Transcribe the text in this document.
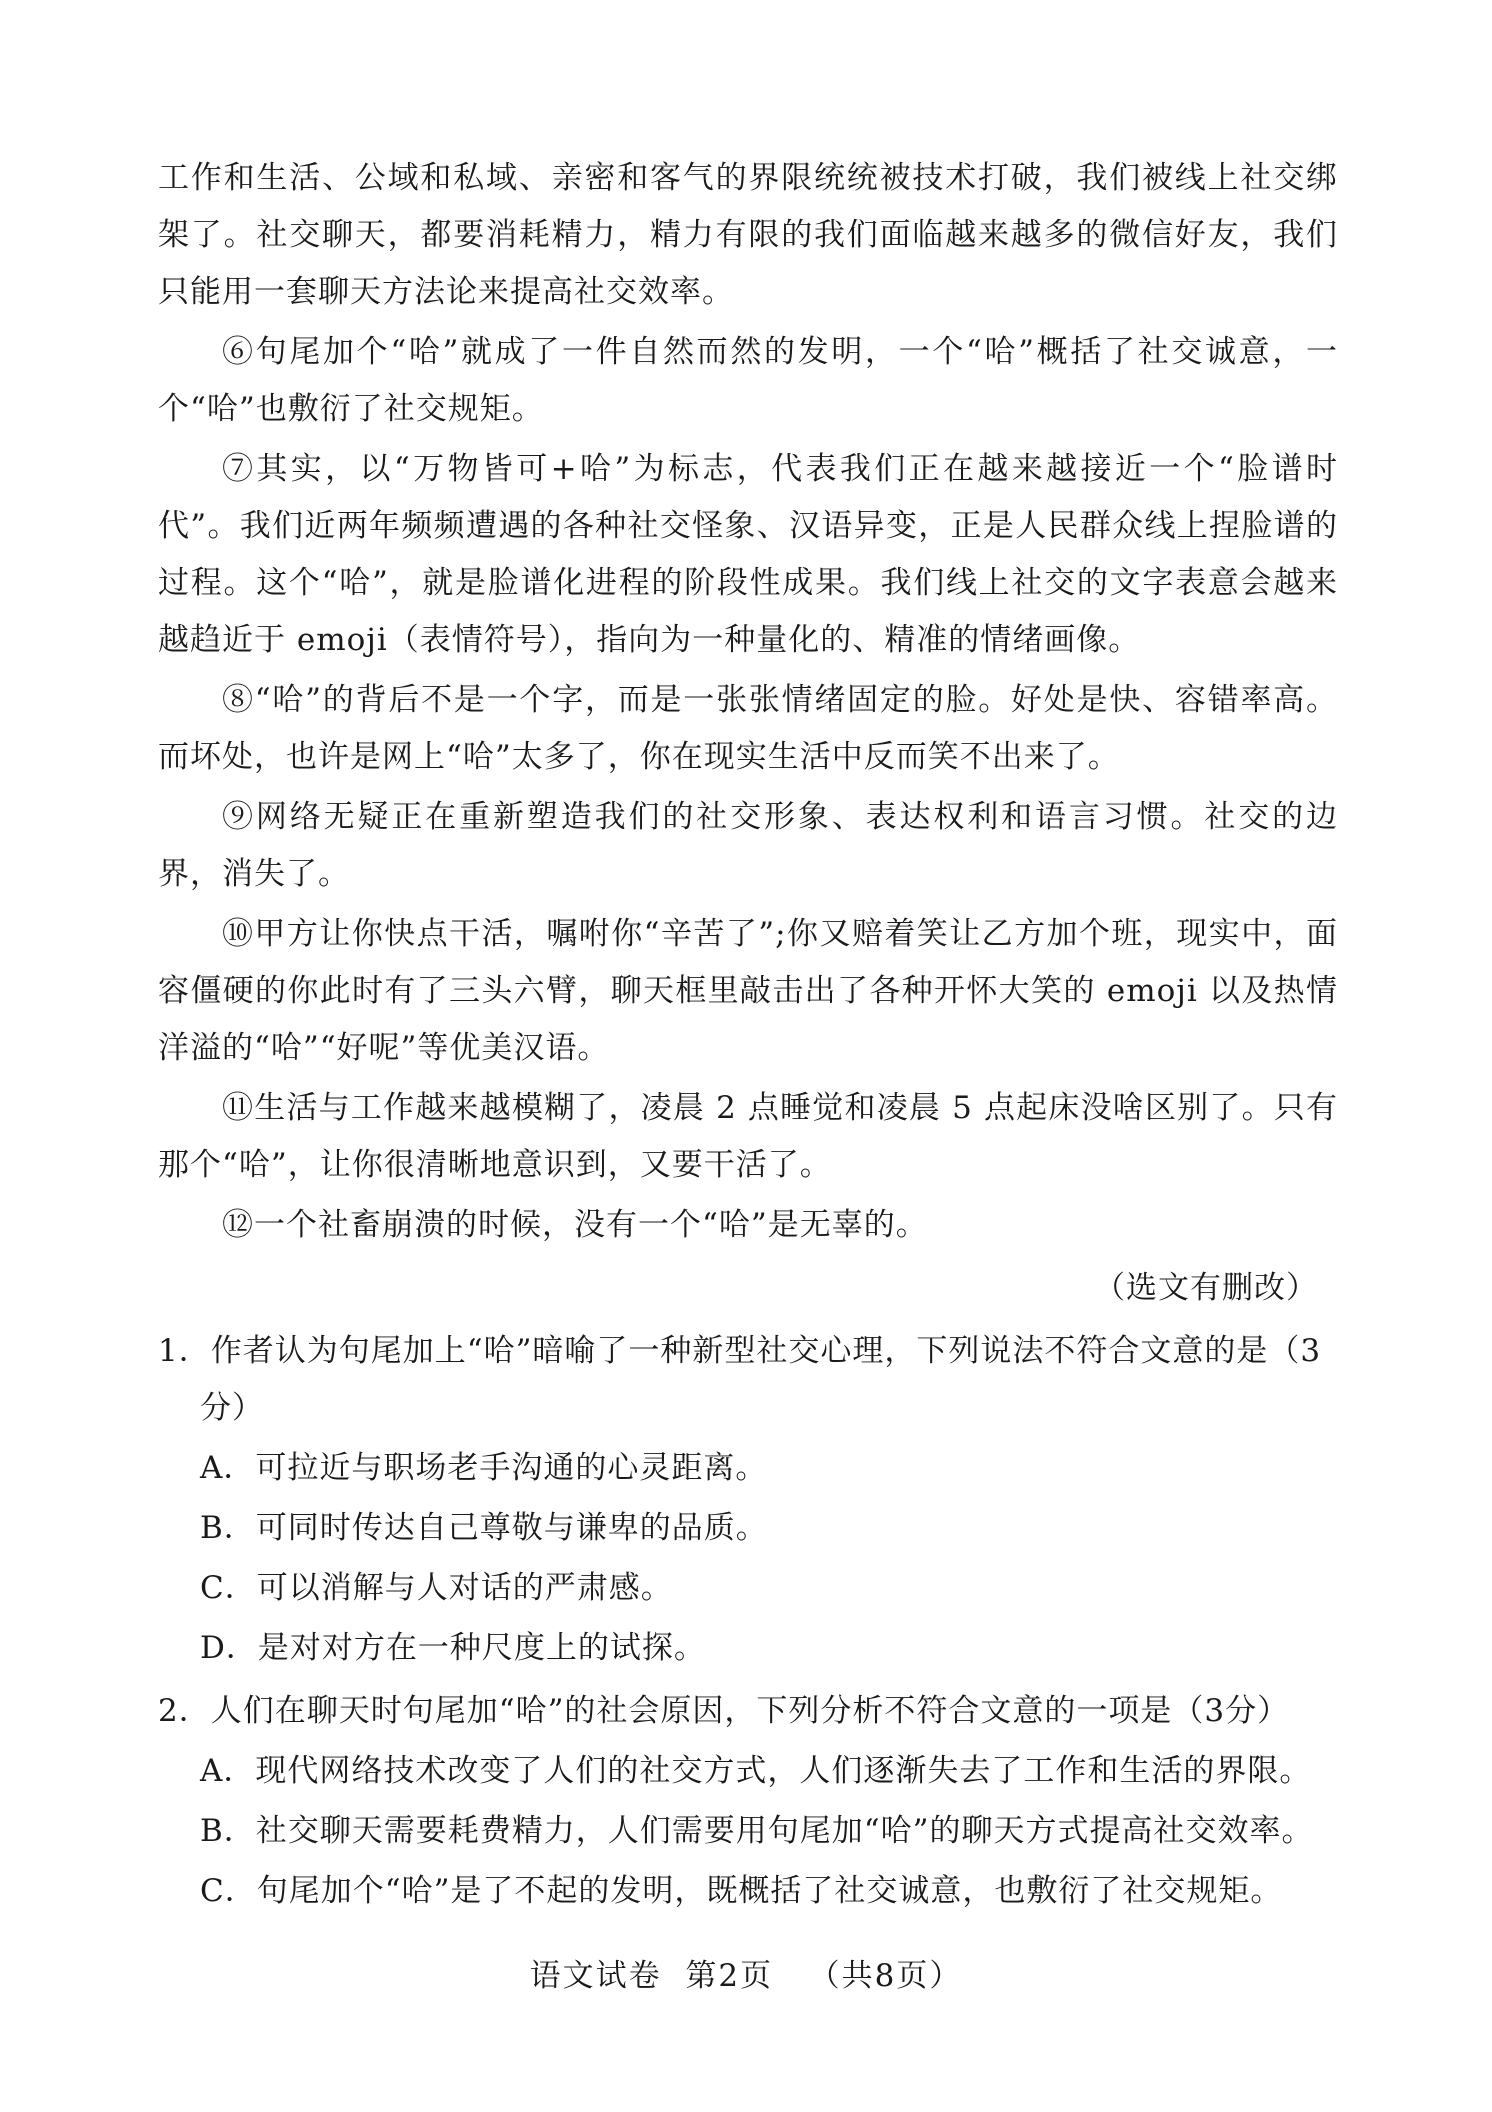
工作和生活、公域和私域、亲密和客气的界限统统被技术打破，我们被线上社交绑架了。社交聊天，都要消耗精力，精力有限的我们面临越来越多的微信好友，我们只能用一套聊天方法论来提高社交效率。

⑥句尾加个“哈”就成了一件自然而然的发明，一个“哈”概括了社交诚意，一个“哈”也敷衍了社交规矩。

⑦其实，以“万物皆可+哈”为标志，代表我们正在越来越接近一个“脸谱时代”。我们近两年频频遭遇的各种社交怪象、汉语异变，正是人民群众线上捏脸谱的过程。这个“哈”，就是脸谱化进程的阶段性成果。我们线上社交的文字表意会越来越趋近于 emoji（表情符号），指向为一种量化的、精准的情绪画像。

⑧“哈”的背后不是一个字，而是一张张情绪固定的脸。好处是快、容错率高。而坏处，也许是网上“哈”太多了，你在现实生活中反而笑不出来了。

⑨网络无疑正在重新塑造我们的社交形象、表达权利和语言习惯。社交的边界，消失了。

⑩甲方让你快点干活，嘱咐你“辛苦了”;你又赔着笑让乙方加个班，现实中，面容僵硬的你此时有了三头六臂，聊天框里敲击出了各种开怀大笑的 emoji 以及热情洋溢的“哈”“好呢”等优美汉语。

⑪生活与工作越来越模糊了，凌晨 2 点睡觉和凌晨 5 点起床没啥区别了。只有那个“哈”，让你很清晰地意识到，又要干活了。

⑫一个社畜崩溃的时候，没有一个“哈”是无辜的。

（选文有删改）

1．作者认为句尾加上“哈”暗喻了一种新型社交心理，下列说法不符合文意的是（3分）

A．可拉近与职场老手沟通的心灵距离。

B．可同时传达自己尊敬与谦卑的品质。

C．可以消解与人对话的严肃感。

D．是对对方在一种尺度上的试探。

2．人们在聊天时句尾加“哈”的社会原因，下列分析不符合文意的一项是（3分）

A．现代网络技术改变了人们的社交方式，人们逐渐失去了工作和生活的界限。

B．社交聊天需要耗费精力，人们需要用句尾加“哈”的聊天方式提高社交效率。

C．句尾加个“哈”是了不起的发明，既概括了社交诚意，也敷衍了社交规矩。

语文试卷  第2页   （共8页）
